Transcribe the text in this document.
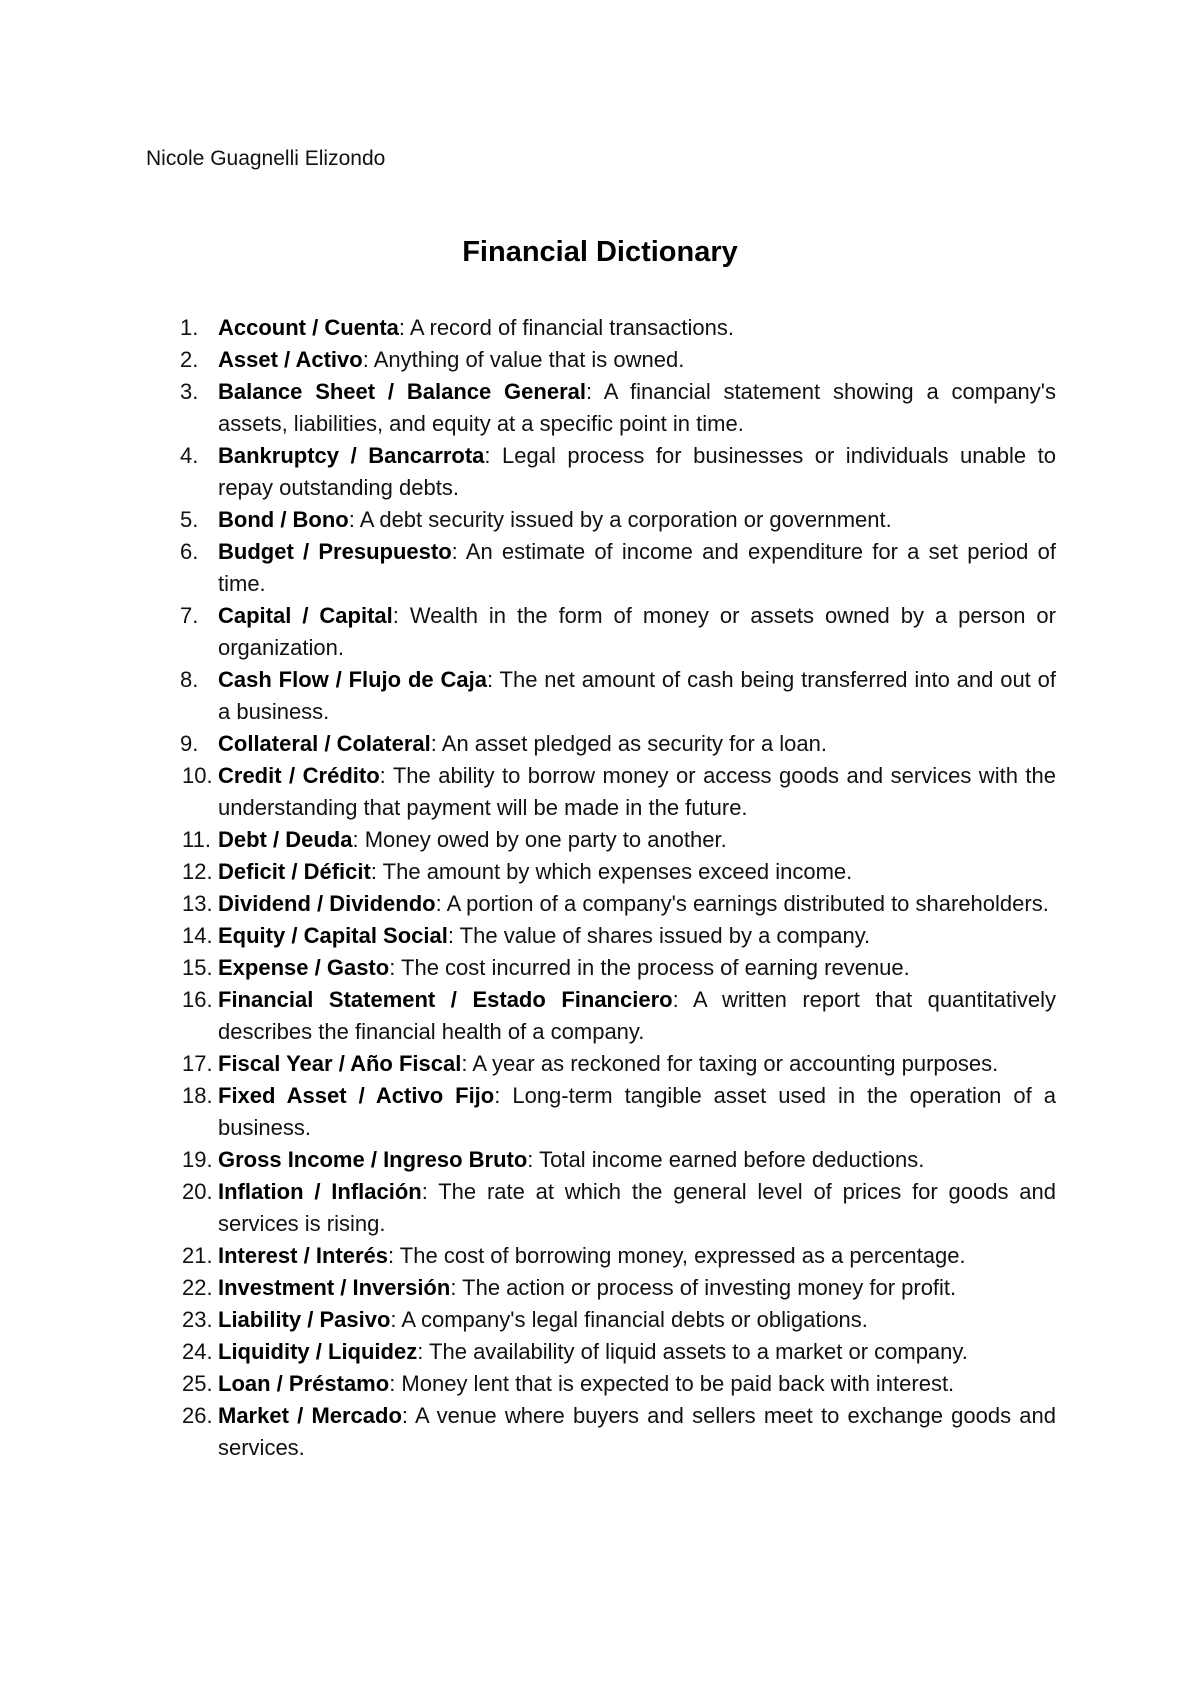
Nicole Guagnelli Elizondo
Financial Dictionary
1. Account / Cuenta: A record of financial transactions.
2. Asset / Activo: Anything of value that is owned.
3. Balance Sheet / Balance General: A financial statement showing a company's assets, liabilities, and equity at a specific point in time.
4. Bankruptcy / Bancarrota: Legal process for businesses or individuals unable to repay outstanding debts.
5. Bond / Bono: A debt security issued by a corporation or government.
6. Budget / Presupuesto: An estimate of income and expenditure for a set period of time.
7. Capital / Capital: Wealth in the form of money or assets owned by a person or organization.
8. Cash Flow / Flujo de Caja: The net amount of cash being transferred into and out of a business.
9. Collateral / Colateral: An asset pledged as security for a loan.
10. Credit / Crédito: The ability to borrow money or access goods and services with the understanding that payment will be made in the future.
11. Debt / Deuda: Money owed by one party to another.
12. Deficit / Déficit: The amount by which expenses exceed income.
13. Dividend / Dividendo: A portion of a company's earnings distributed to shareholders.
14. Equity / Capital Social: The value of shares issued by a company.
15. Expense / Gasto: The cost incurred in the process of earning revenue.
16. Financial Statement / Estado Financiero: A written report that quantitatively describes the financial health of a company.
17. Fiscal Year / Año Fiscal: A year as reckoned for taxing or accounting purposes.
18. Fixed Asset / Activo Fijo: Long-term tangible asset used in the operation of a business.
19. Gross Income / Ingreso Bruto: Total income earned before deductions.
20. Inflation / Inflación: The rate at which the general level of prices for goods and services is rising.
21. Interest / Interés: The cost of borrowing money, expressed as a percentage.
22. Investment / Inversión: The action or process of investing money for profit.
23. Liability / Pasivo: A company's legal financial debts or obligations.
24. Liquidity / Liquidez: The availability of liquid assets to a market or company.
25. Loan / Préstamo: Money lent that is expected to be paid back with interest.
26. Market / Mercado: A venue where buyers and sellers meet to exchange goods and services.
